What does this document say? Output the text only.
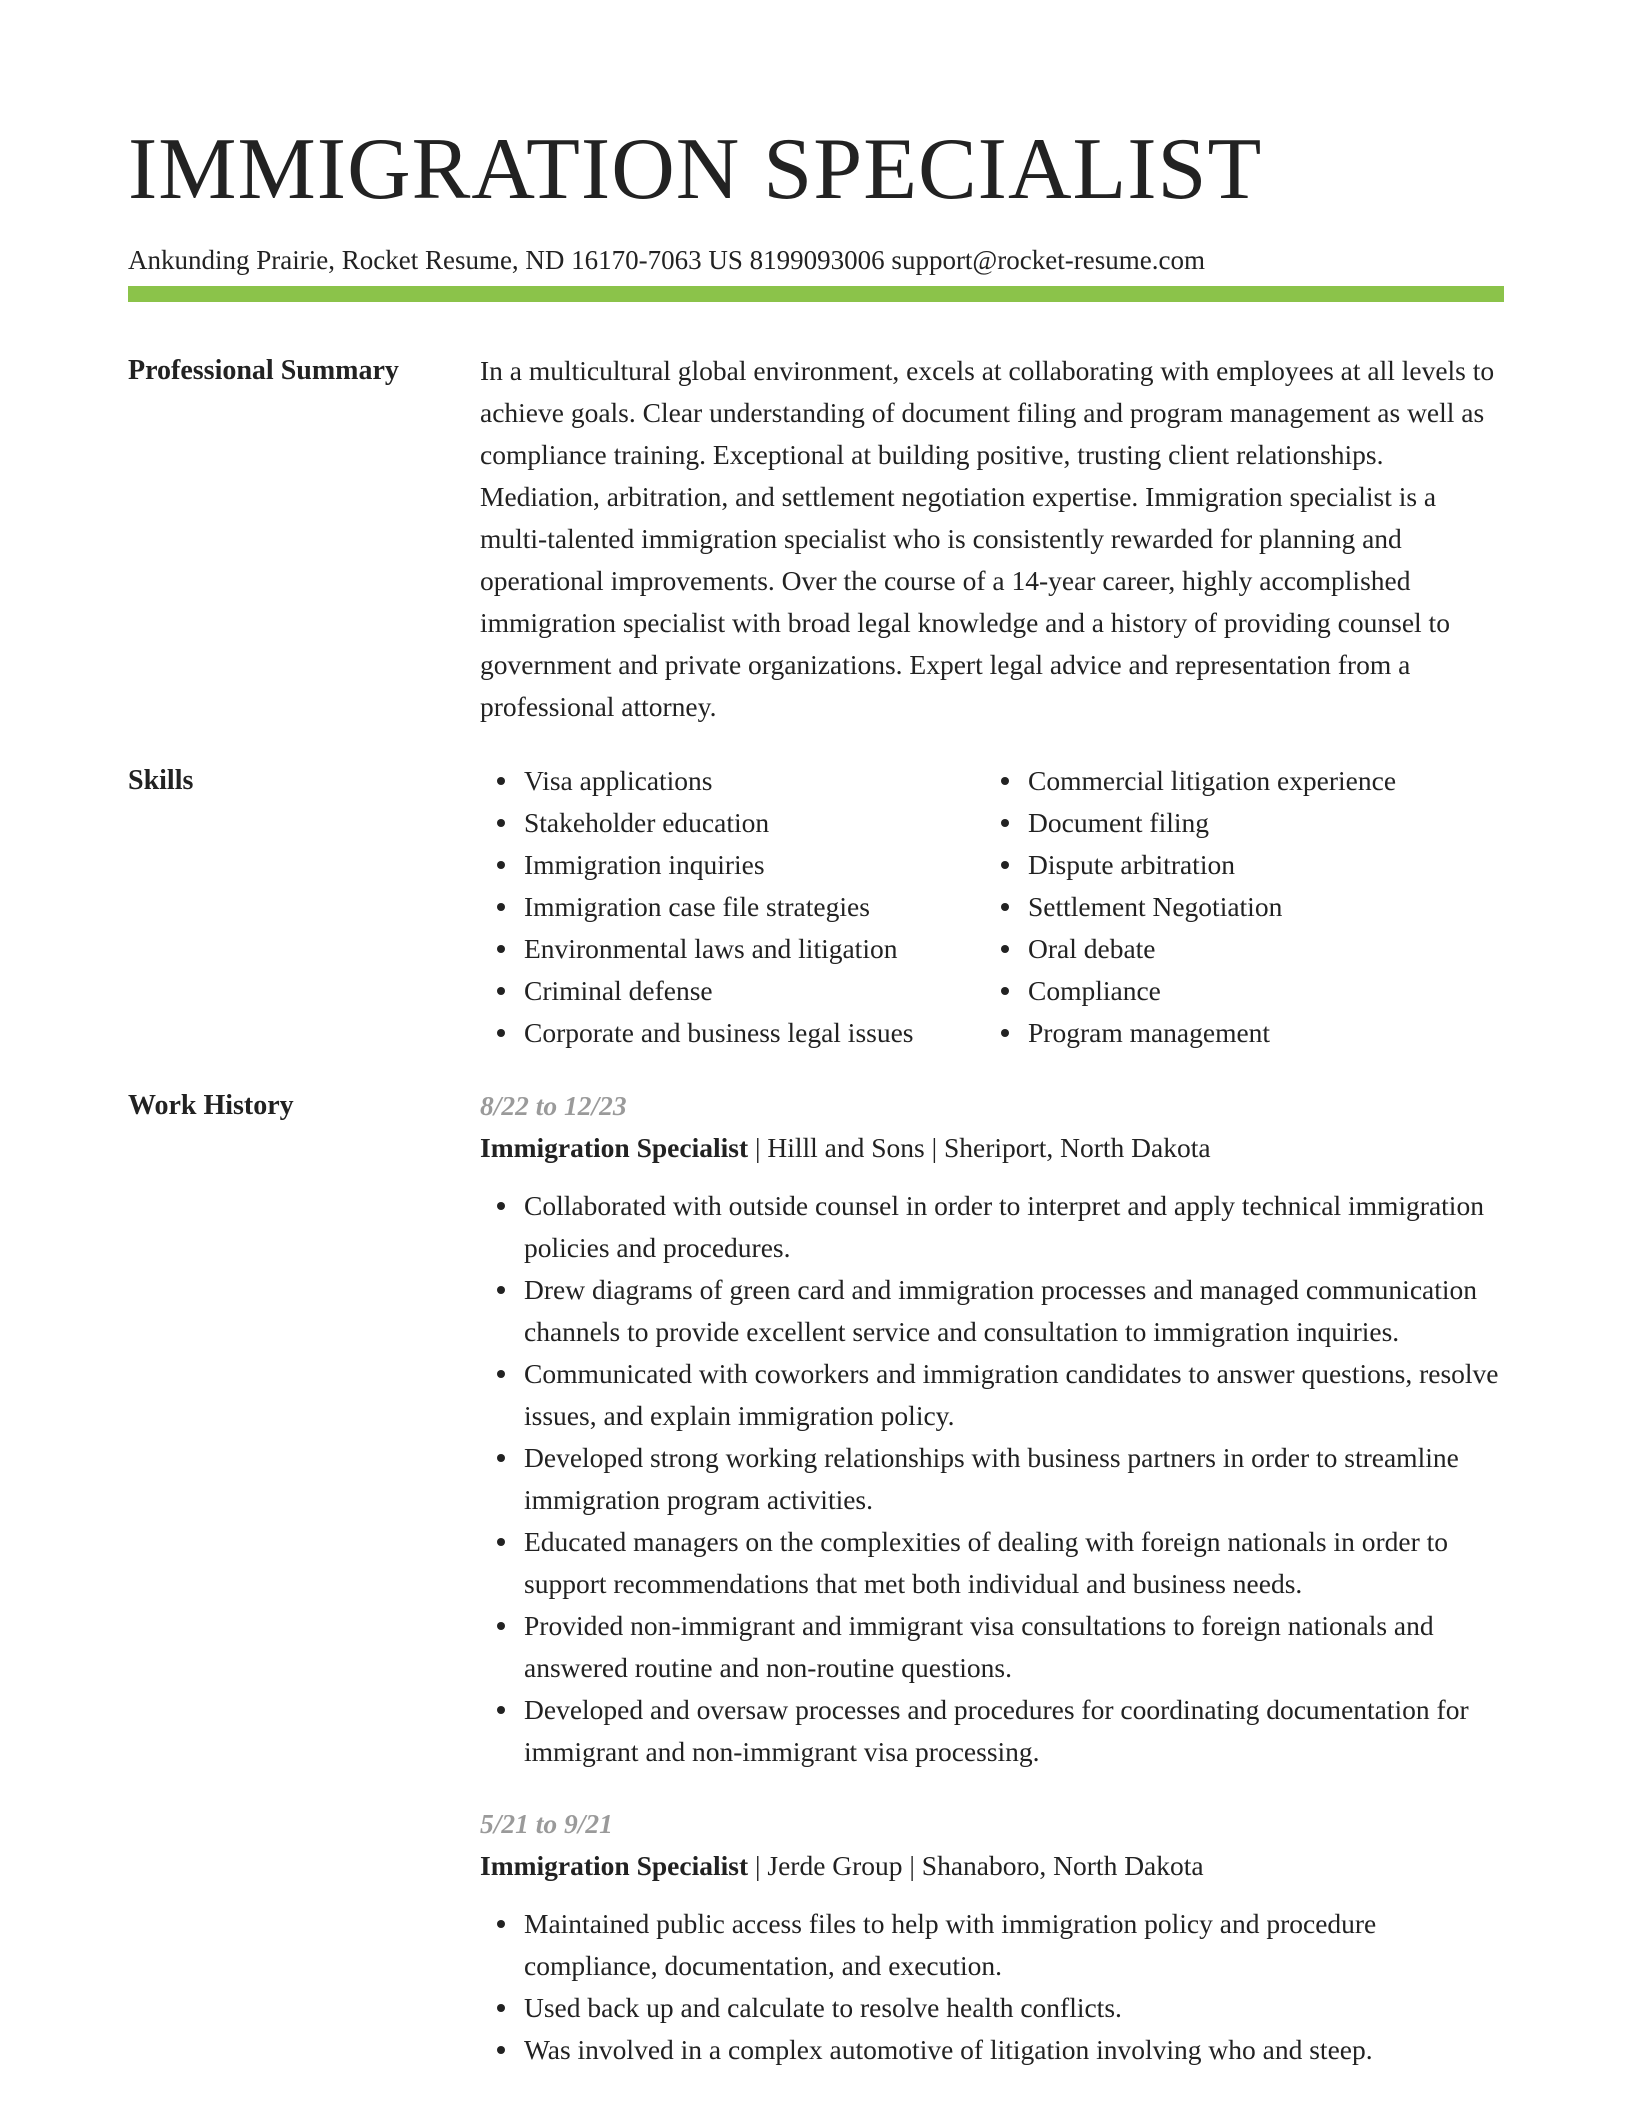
IMMIGRATION SPECIALIST
Ankunding Prairie, Rocket Resume, ND 16170-7063 US 8199093006 support@rocket-resume.com
Professional Summary	In a multicultural global environment, excels at collaborating with employees at all levels to achieve goals. Clear understanding of document filing and program management as well as compliance training. Exceptional at building positive, trusting client relationships. Mediation, arbitration, and settlement negotiation expertise. Immigration specialist is a multi-talented immigration specialist who is consistently rewarded for planning and operational improvements. Over the course of a 14-year career, highly accomplished immigration specialist with broad legal knowledge and a history of providing counsel to government and private organizations. Expert legal advice and representation from a professional attorney.

Skills	Visa applications
Stakeholder education
Immigration inquiries
Immigration case file strategies
Environmental laws and litigation
Criminal defense
Corporate and business legal issues
Commercial litigation experience
Document filing
Dispute arbitration
Settlement Negotiation
Oral debate
Compliance
Program management
Work History	8/22 to 12/23
Immigration Specialist | Hilll and Sons | Sheriport, North Dakota
Collaborated with outside counsel in order to interpret and apply technical immigration policies and procedures.
Drew diagrams of green card and immigration processes and managed communication channels to provide excellent service and consultation to immigration inquiries.
Communicated with coworkers and immigration candidates to answer questions, resolve issues, and explain immigration policy.
Developed strong working relationships with business partners in order to streamline immigration program activities.
Educated managers on the complexities of dealing with foreign nationals in order to support recommendations that met both individual and business needs.
Provided non-immigrant and immigrant visa consultations to foreign nationals and answered routine and non-routine questions.
Developed and oversaw processes and procedures for coordinating documentation for immigrant and non-immigrant visa processing.
5/21 to 9/21
Immigration Specialist | Jerde Group | Shanaboro, North Dakota
Maintained public access files to help with immigration policy and procedure compliance, documentation, and execution.
Used back up and calculate to resolve health conflicts.
Was involved in a complex automotive of litigation involving who and steep.
